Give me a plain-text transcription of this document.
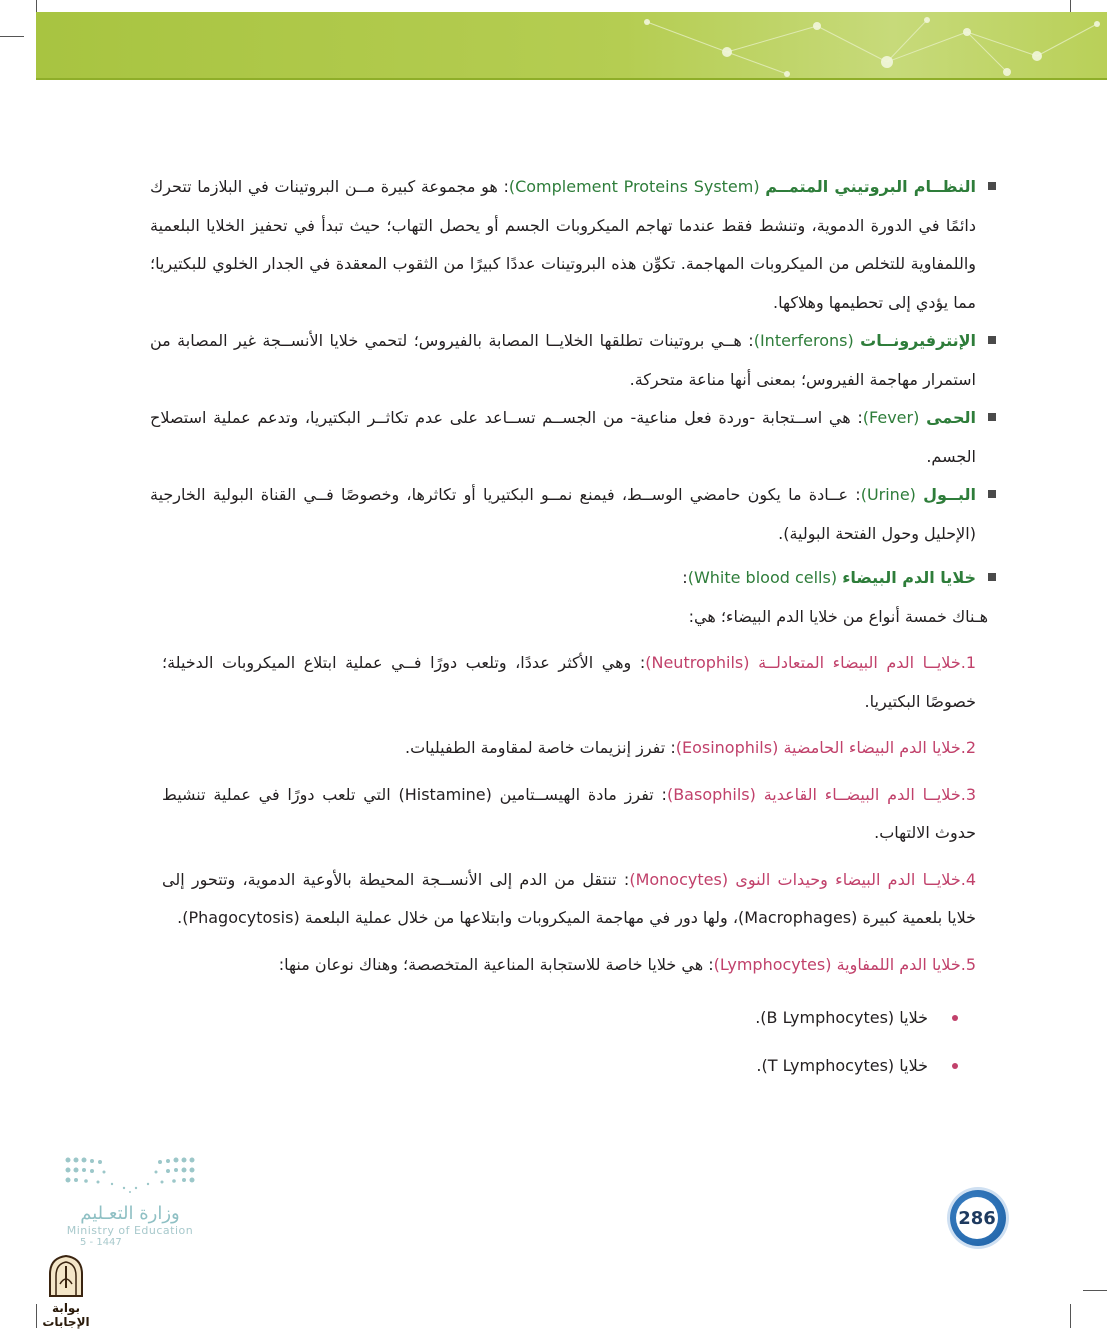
النظــام البروتيني المتمــم (Complement Proteins System): هو مجموعة كبيرة مــن البروتينات في البلازما تتحرك دائمًا في الدورة الدموية، وتنشط فقط عندما تهاجم الميكروبات الجسم أو يحصل التهاب؛ حيث تبدأ في تحفيز الخلايا البلعمية واللمفاوية للتخلص من الميكروبات المهاجمة. تكوِّن هذه البروتينات عددًا كبيرًا من الثقوب المعقدة في الجدار الخلوي للبكتيريا؛ مما يؤدي إلى تحطيمها وهلاكها.

الإنترفيرونــات (Interferons): هــي بروتينات تطلقها الخلايــا المصابة بالفيروس؛ لتحمي خلايا الأنســجة غير المصابة من استمرار مهاجمة الفيروس؛ بمعنى أنها مناعة متحركة.

الحمى (Fever): هي اســتجابة -وردة فعل مناعية- من الجســم تســاعد على عدم تكاثــر البكتيريا، وتدعم عملية استصلاح الجسم.

البــول (Urine): عــادة ما يكون حامضي الوســط، فيمنع نمــو البكتيريا أو تكاثرها، وخصوصًا فــي القناة البولية الخارجية (الإحليل وحول الفتحة البولية).

خلايا الدم البيضاء (White blood cells):

هـناك خمسة أنواع من خلايا الدم البيضاء؛ هي:

1.خلايــا الدم البيضاء المتعادلــة (Neutrophils): وهي الأكثر عددًا، وتلعب دورًا فــي عملية ابتلاع الميكروبات الدخيلة؛ خصوصًا البكتيريا.
2.خلايا الدم البيضاء الحامضية (Eosinophils): تفرز إنزيمات خاصة لمقاومة الطفيليات.
3.خلايــا الدم البيضــاء القاعدية (Basophils): تفرز مادة الهيســتامين (Histamine) التي تلعب دورًا في عملية تنشيط حدوث الالتهاب.
4.خلايــا الدم البيضاء وحيدات النوى (Monocytes): تنتقل من الدم إلى الأنســجة المحيطة بالأوعية الدموية، وتتحور إلى خلايا بلعمية كبيرة (Macrophages)، ولها دور في مهاجمة الميكروبات وابتلاعها من خلال عملية البلعمة (Phagocytosis).
5.خلايا الدم اللمفاوية (Lymphocytes): هي خلايا خاصة للاستجابة المناعية المتخصصة؛ وهناك نوعان منها:
خلايا (B Lymphocytes).
خلايا (T Lymphocytes).
وزارة التعـليم
Ministry of Education
5 - 1447
بوابة الإجابات
286
